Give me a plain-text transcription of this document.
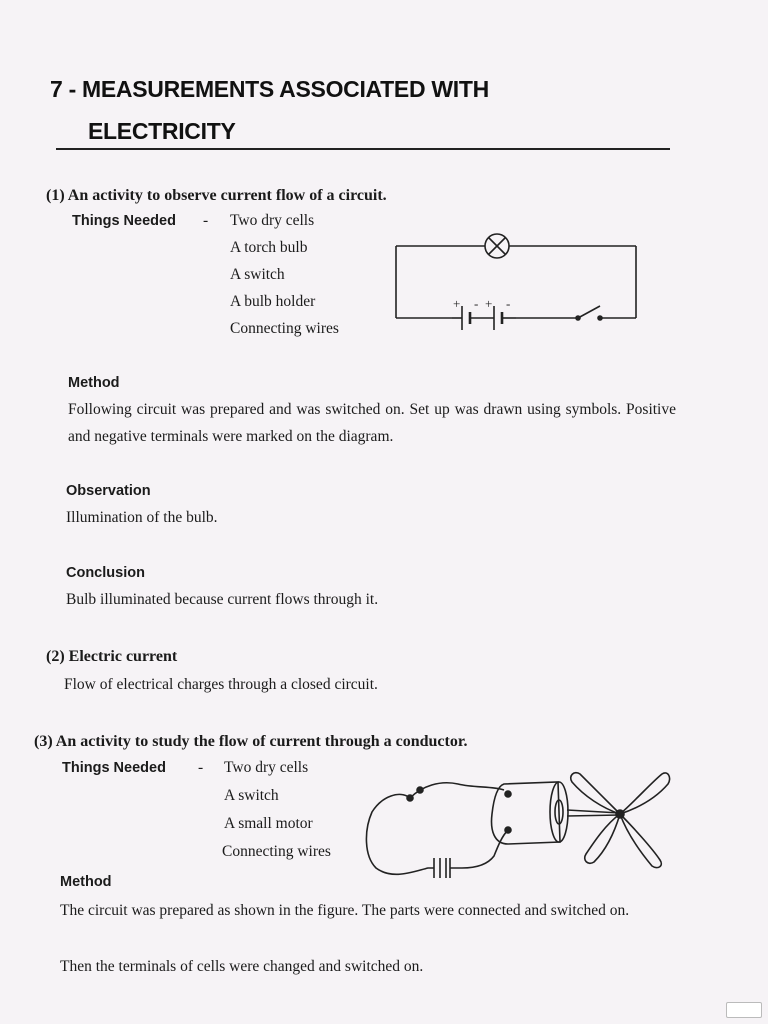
7 - MEASUREMENTS ASSOCIATED WITH
ELECTRICITY
(1) An activity to observe current flow of a circuit.
Things Needed - Two dry cells
A torch bulb
A switch
A bulb holder
Connecting wires
+ - + -
Method
Following circuit was prepared and was switched on. Set up was drawn using symbols. Positive and negative terminals were marked on the diagram.
Observation
Illumination of the bulb.
Conclusion
Bulb illuminated because current flows through it.
(2) Electric current
Flow of electrical charges through a closed circuit.
(3) An activity to study the flow of current through a conductor.
Things Needed - Two dry cells
A switch
A small motor
Connecting wires
Method
The circuit was prepared as shown in the figure. The parts were connected and switched on.
Then the terminals of cells were changed and switched on.
